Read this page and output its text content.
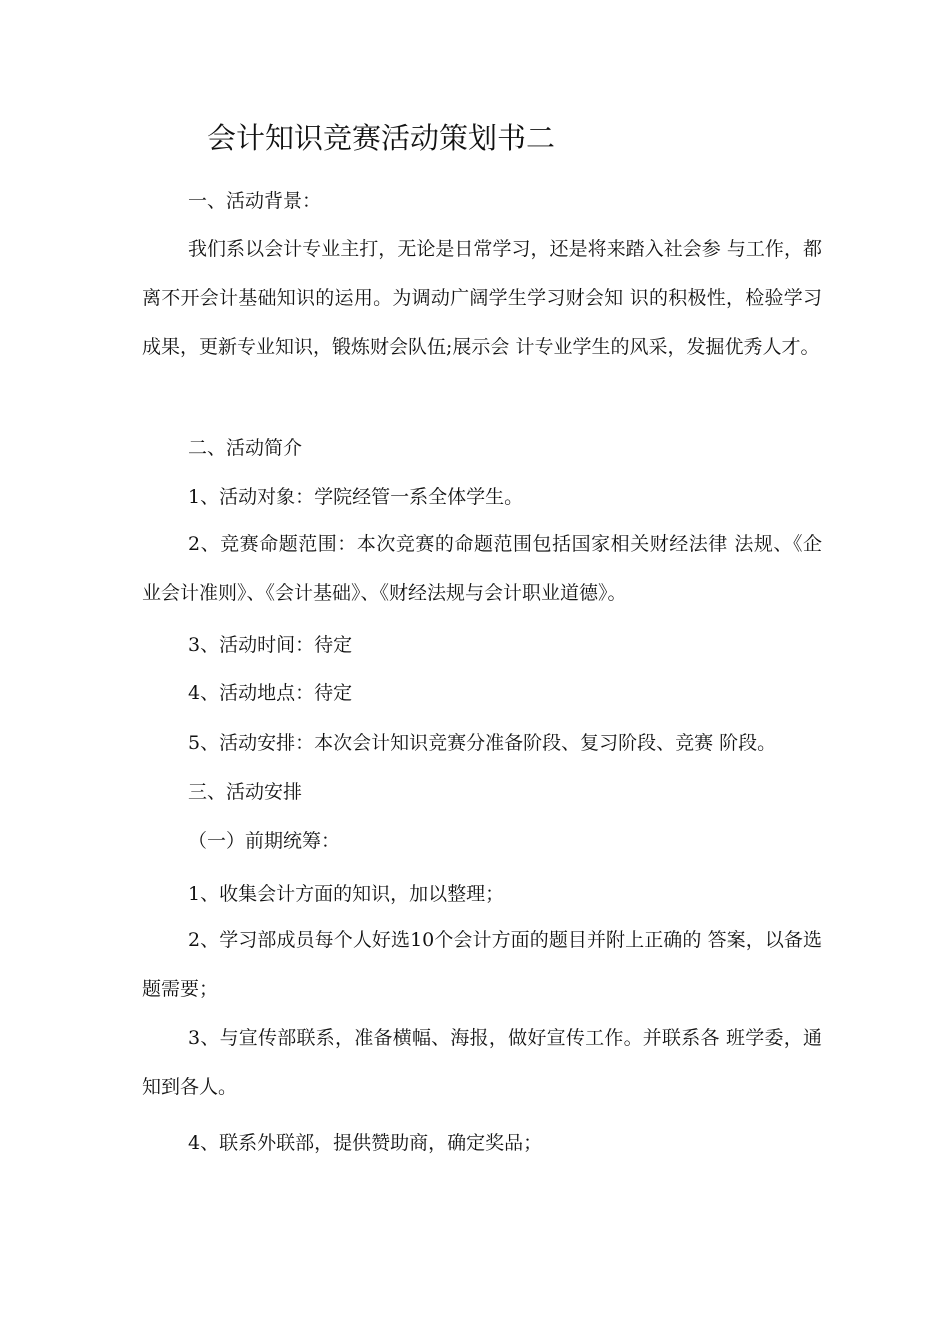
会计知识竞赛活动策划书二

一、活动背景：

我们系以会计专业主打，无论是日常学习，还是将来踏入社会参 与工作，都离不开会计基础知识的运用。为调动广阔学生学习财会知 识的积极性，检验学习成果，更新专业知识，锻炼财会队伍;展示会 计专业学生的风采，发掘优秀人才。

二、活动简介

1、活动对象：学院经管一系全体学生。

2、竞赛命题范围：本次竞赛的命题范围包括国家相关财经法律 法规、《企业会计准则》、《会计基础》、《财经法规与会计职业道德》。

3、活动时间：待定

4、活动地点：待定

5、活动安排：本次会计知识竞赛分准备阶段、复习阶段、竞赛 阶段。

三、活动安排

（一）前期统筹：

1、收集会计方面的知识，加以整理；

2、学习部成员每个人好选10个会计方面的题目并附上正确的 答案，以备选题需要；

3、与宣传部联系，准备横幅、海报，做好宣传工作。并联系各 班学委，通知到各人。

4、联系外联部，提供赞助商，确定奖品；
